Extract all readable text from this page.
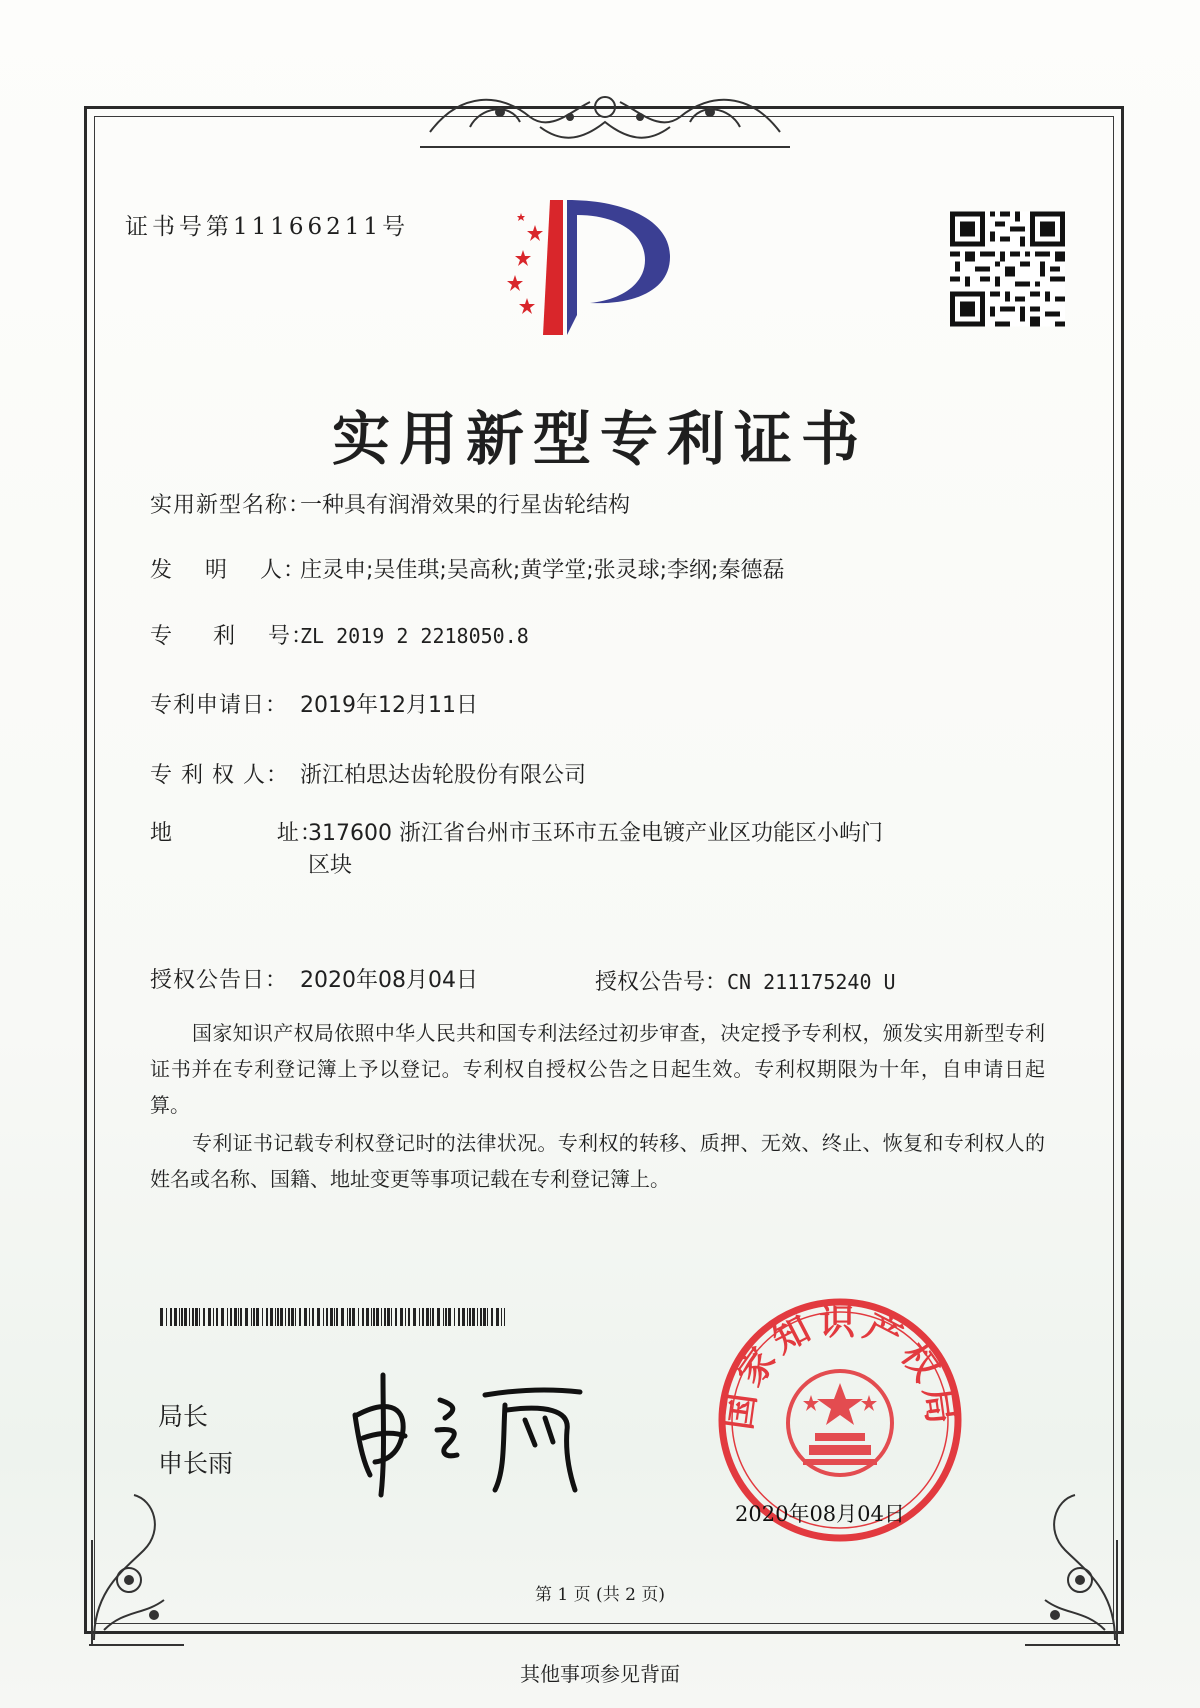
证书号第11166211号
实用新型专利证书
实用新型名称：一种具有润滑效果的行星齿轮结构
发    明    人：庄灵申;吴佳琪;吴高秋;黄学堂;张灵球;李纲;秦德磊
专     利    号：ZL 2019 2 2218050.8
专利申请日： 2019年12月11日
专 利 权 人： 浙江柏思达齿轮股份有限公司
地             址：
317600 浙江省台州市玉环市五金电镀产业区功能区小屿门区块
授权公告日： 2020年08月04日	授权公告号：CN 211175240 U
国家知识产权局依照中华人民共和国专利法经过初步审查，决定授予专利权，颁发实用新型专利证书并在专利登记簿上予以登记。专利权自授权公告之日起生效。专利权期限为十年，自申请日起算。
专利证书记载专利权登记时的法律状况。专利权的转移、质押、无效、终止、恢复和专利权人的姓名或名称、国籍、地址变更等事项记载在专利登记簿上。
局长
申长雨
国家知识产权局
2020年08月04日
第 1 页 (共 2 页)
其他事项参见背面
